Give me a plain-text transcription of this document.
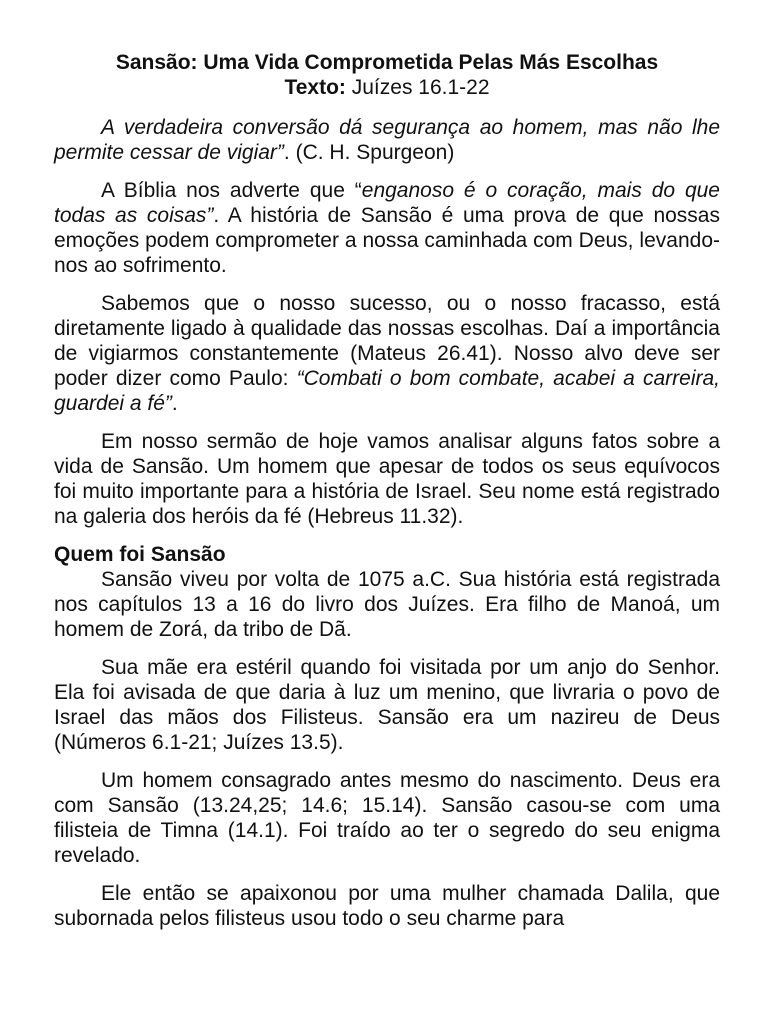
Sansão: Uma Vida Comprometida Pelas Más Escolhas
Texto: Juízes 16.1-22

A verdadeira conversão dá segurança ao homem, mas não lhe permite cessar de vigiar”. (C. H. Spurgeon)

A Bíblia nos adverte que “enganoso é o coração, mais do que todas as coisas”. A história de Sansão é uma prova de que nossas emoções podem comprometer a nossa caminhada com Deus, levando-nos ao sofrimento.

Sabemos que o nosso sucesso, ou o nosso fracasso, está diretamente ligado à qualidade das nossas escolhas. Daí a importância de vigiarmos constantemente (Mateus 26.41). Nosso alvo deve ser poder dizer como Paulo: “Combati o bom combate, acabei a carreira, guardei a fé”.

Em nosso sermão de hoje vamos analisar alguns fatos sobre a vida de Sansão. Um homem que apesar de todos os seus equívocos foi muito importante para a história de Israel. Seu nome está registrado na galeria dos heróis da fé (Hebreus 11.32).

Quem foi Sansão

Sansão viveu por volta de 1075 a.C. Sua história está registrada nos capítulos 13 a 16 do livro dos Juízes. Era filho de Manoá, um homem de Zorá, da tribo de Dã.

Sua mãe era estéril quando foi visitada por um anjo do Senhor. Ela foi avisada de que daria à luz um menino, que livraria o povo de Israel das mãos dos Filisteus. Sansão era um nazireu de Deus (Números 6.1-21; Juízes 13.5).

Um homem consagrado antes mesmo do nascimento. Deus era com Sansão (13.24,25; 14.6; 15.14). Sansão casou-se com uma filisteia de Timna (14.1). Foi traído ao ter o segredo do seu enigma revelado.

Ele então se apaixonou por uma mulher chamada Dalila, que subornada pelos filisteus usou todo o seu charme para
